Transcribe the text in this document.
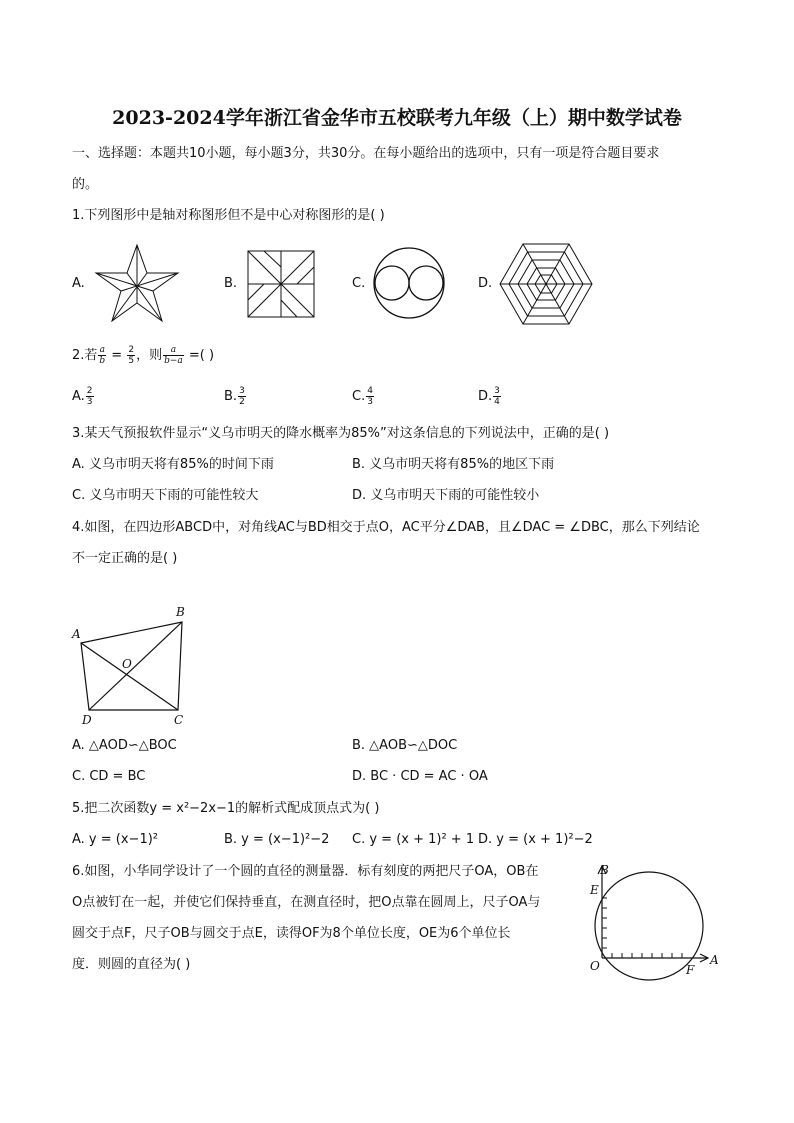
2023-2024学年浙江省金华市五校联考九年级（上）期中数学试卷
一、选择题：本题共10小题，每小题3分，共30分。在每小题给出的选项中，只有一项是符合题目要求
的。
1.下列图形中是轴对称图形但不是中心对称图形的是( )
A.	B.	C.	D.
2.若 $\frac{a}{b} = \frac{2}{5}$ ，则 $\frac{a}{b-a}$ =( )
A. $\frac{2}{3}$	B. $\frac{3}{2}$	C. $\frac{4}{3}$	D. $\frac{3}{4}$
3.某天气预报软件显示“义乌市明天的降水概率为85%”对这条信息的下列说法中，正确的是( )
A. 义乌市明天将有85%的时间下雨	B. 义乌市明天将有85%的地区下雨
C. 义乌市明天下雨的可能性较大	D. 义乌市明天下雨的可能性较小
4.如图，在四边形ABCD中，对角线AC与BD相交于点O，AC平分∠DAB，且∠DAC = ∠DBC，那么下列结论
不一定正确的是( )
A
B
O
D	C
A. △AOD∽△BOC	B. △AOB∽△DOC
C. CD = BC	D. BC · CD = AC · OA
5.把二次函数y = x²−2x−1的解析式配成顶点式为( )
A. y = (x−1)²	B. y = (x−1)²−2 C. y = (x + 1)² + 1 D. y = (x + 1)²−2
6.如图，小华同学设计了一个圆的直径的测量器．标有刻度的两把尺子OA，OB在
O点被钉在一起，并使它们保持垂直，在测直径时，把O点靠在圆周上，尺子OA与
圆交于点F，尺子OB与圆交于点E，读得OF为8个单位长度，OE为6个单位长
度．则圆的直径为( )
B
E
O	F
A
